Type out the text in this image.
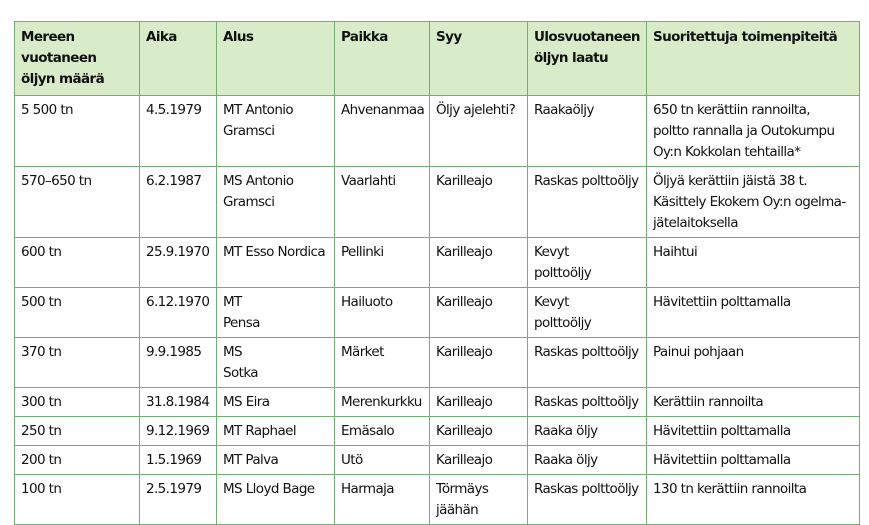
Mereen vuotaneen
öljyn määrä	Aika	Alus	Paikka	Syy	Ulosvuotaneen
öljyn laatu	Suoritettuja toimenpiteitä

5 500 tn	4.5.1979	MT Antonio
Gramsci	Ahvenanmaa	Öljy ajelehti?	Raakaöljy	650 tn kerättiin rannoilta,
poltto rannalla ja Outokumpu
Oy:n Kokkolan tehtailla*

570–650 tn	6.2.1987	MS Antonio
Gramsci	Vaarlahti	Karilleajo	Raskas polttoöljy	Öljyä kerättiin jäistä 38 t.
Käsittely Ekokem Oy:n ogelma-
jätelaitoksella

600 tn	25.9.1970	MT Esso Nordica	Pellinki	Karilleajo	Kevyt
polttoöljy	Haihtui

500 tn	6.12.1970	MT
Pensa	Hailuoto	Karilleajo	Kevyt
polttoöljy	Hävitettiin polttamalla

370 tn	9.9.1985	MS
Sotka	Märket	Karilleajo	Raskas polttoöljy	Painui pohjaan

300 tn	31.8.1984	MS Eira	Merenkurkku	Karilleajo	Raskas polttoöljy	Kerättiin rannoilta

250 tn	9.12.1969	MT Raphael	Emäsalo	Karilleajo	Raaka öljy	Hävitettiin polttamalla

200 tn	1.5.1969	MT Palva	Utö	Karilleajo	Raaka öljy	Hävitettiin polttamalla

100 tn	2.5.1979	MS Lloyd Bage	Harmaja	Törmäys
jäähän	Raskas polttoöljy	130 tn kerättiin rannoilta
